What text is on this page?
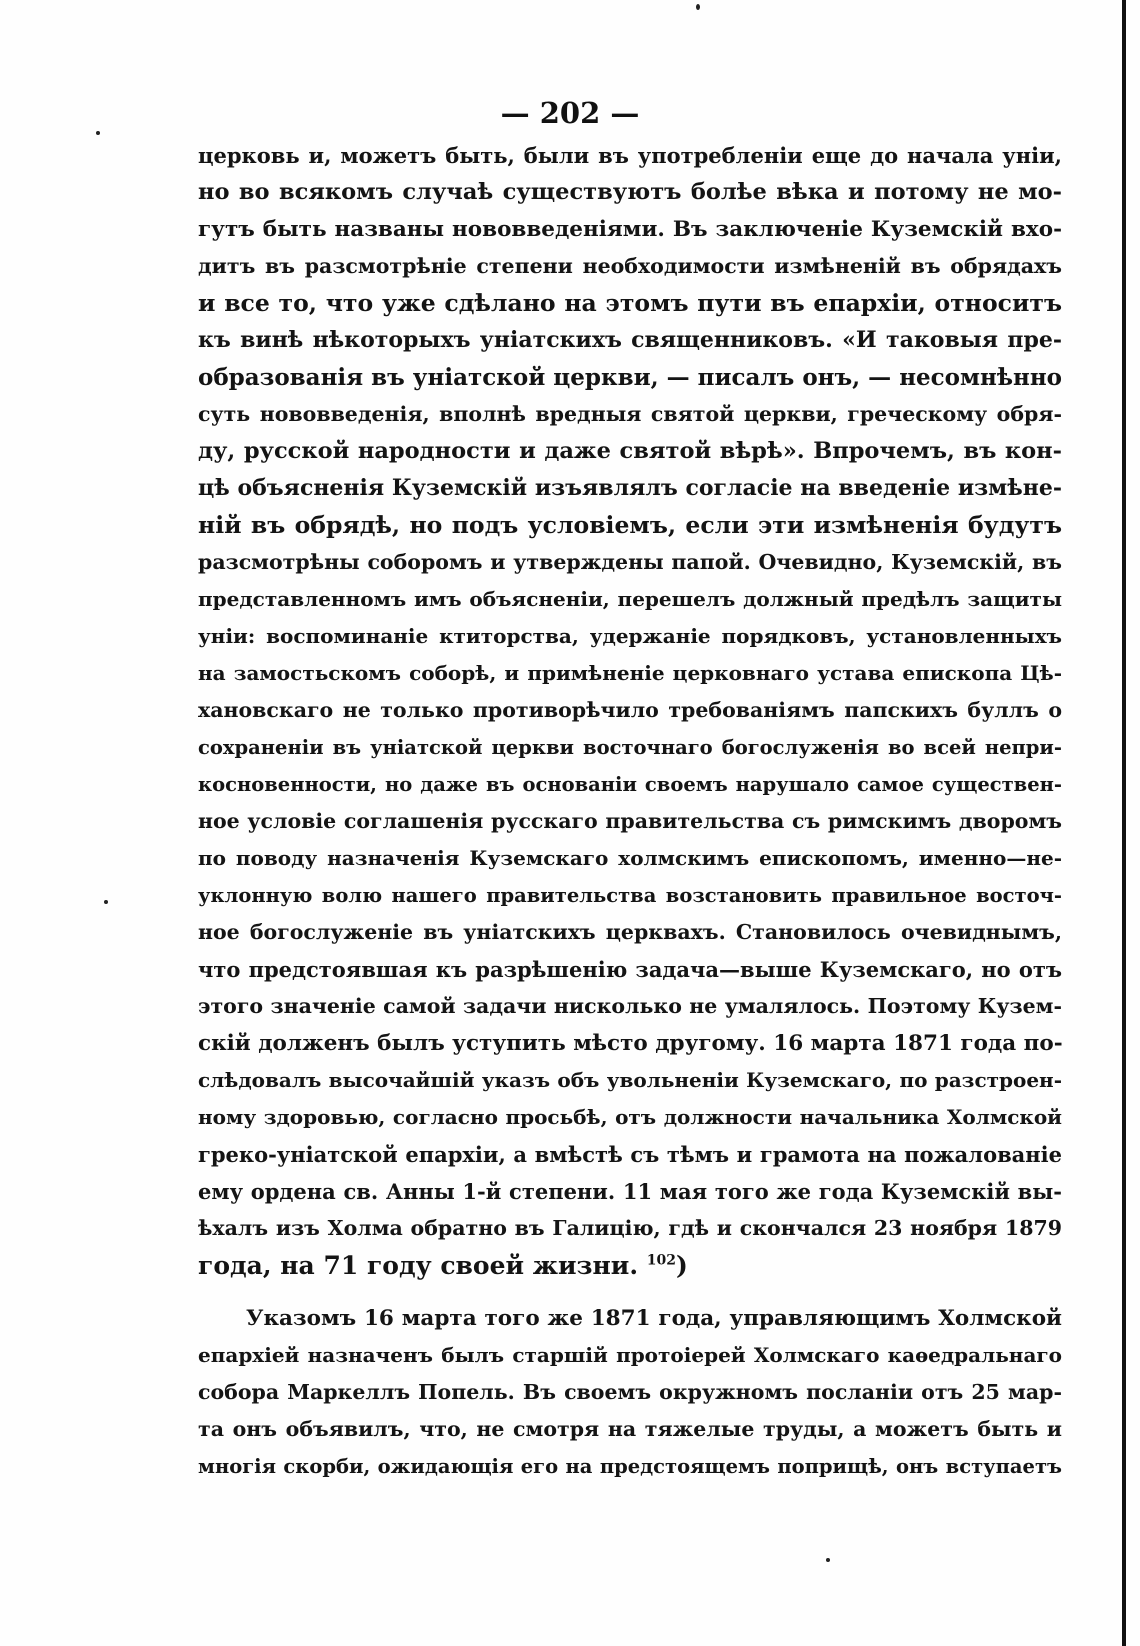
— 202 —
церковь и, можетъ быть, были въ употребленіи еще до начала уніи,
но во всякомъ случаѣ существуютъ болѣе вѣка и потому не мо-
гутъ быть названы нововведеніями. Въ заключеніе Куземскій вхо-
дитъ въ разсмотрѣніе степени необходимости измѣненій въ обрядахъ
и все то, что уже сдѣлано на этомъ пути въ епархіи, относитъ
къ винѣ нѣкоторыхъ уніатскихъ священниковъ. «И таковыя пре-
образованія въ уніатской церкви, — писалъ онъ, — несомнѣнно
суть нововведенія, вполнѣ вредныя святой церкви, греческому обря-
ду, русской народности и даже святой вѣрѣ». Впрочемъ, въ кон-
цѣ объясненія Куземскій изъявлялъ согласіе на введеніе измѣне-
ній въ обрядѣ, но подъ условіемъ, если эти измѣненія будутъ
разсмотрѣны соборомъ и утверждены папой. Очевидно, Куземскій, въ
представленномъ имъ объясненіи, перешелъ должный предѣлъ защиты
уніи: воспоминаніе ктиторства, удержаніе порядковъ, установленныхъ
на замостьскомъ соборѣ, и примѣненіе церковнаго устава епископа Цѣ-
хановскаго не только противорѣчило требованіямъ папскихъ буллъ о
сохраненіи въ уніатской церкви восточнаго богослуженія во всей непри-
косновенности, но даже въ основаніи своемъ нарушало самое существен-
ное условіе соглашенія русскаго правительства съ римскимъ дворомъ
по поводу назначенія Куземскаго холмскимъ епископомъ, именно—не-
уклонную волю нашего правительства возстановить правильное восточ-
ное богослуженіе въ уніатскихъ церквахъ. Становилось очевиднымъ,
что предстоявшая къ разрѣшенію задача—выше Куземскаго, но отъ
этого значеніе самой задачи нисколько не умалялось. Поэтому Кузем-
скій долженъ былъ уступить мѣсто другому. 16 марта 1871 года по-
слѣдовалъ высочайшій указъ объ увольненіи Куземскаго, по разстроен-
ному здоровью, согласно просьбѣ, отъ должности начальника Холмской
греко-уніатской епархіи, а вмѣстѣ съ тѣмъ и грамота на пожалованіе
ему ордена св. Анны 1-й степени. 11 мая того же года Куземскій вы-
ѣхалъ изъ Холма обратно въ Галицію, гдѣ и скончался 23 ноября 1879
года, на 71 году своей жизни. $^{102}$)
Указомъ 16 марта того же 1871 года, управляющимъ Холмской
епархіей назначенъ былъ старшій протоіерей Холмскаго каѳедральнаго
собора Маркеллъ Попель. Въ своемъ окружномъ посланіи отъ 25 мар-
та онъ объявилъ, что, не смотря на тяжелые труды, а можетъ быть и
многія скорби, ожидающія его на предстоящемъ поприщѣ, онъ вступаетъ
